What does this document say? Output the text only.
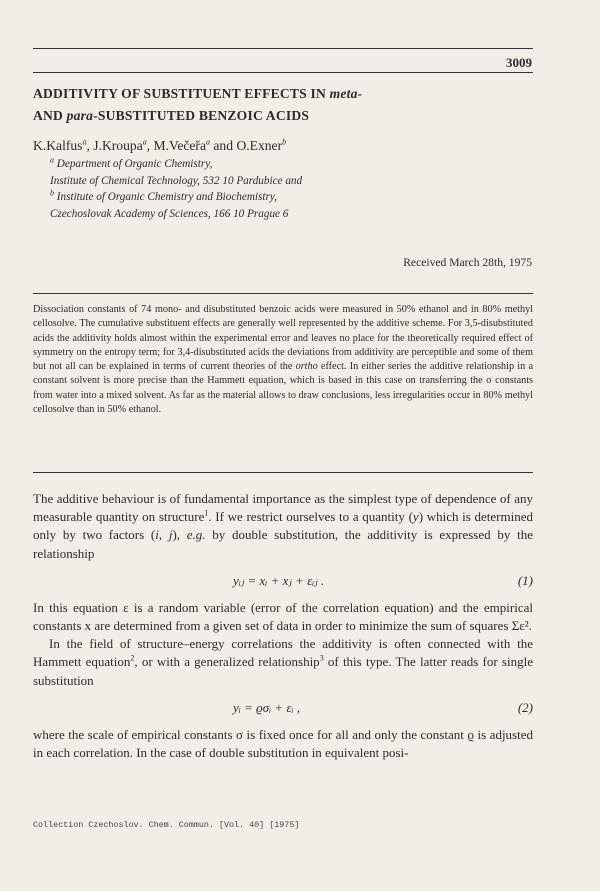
3009
ADDITIVITY OF SUBSTITUENT EFFECTS IN meta-
AND para-SUBSTITUTED BENZOIC ACIDS
K.Kalfus$^a$, J.Kroupa$^a$, M.Večeřa$^a$ and O.Exner$^b$
$^a$ Department of Organic Chemistry,
Institute of Chemical Technology, 532 10 Pardubice and
$^b$ Institute of Organic Chemistry and Biochemistry,
Czechoslovak Academy of Sciences, 166 10 Prague 6
Received March 28th, 1975

Dissociation constants of 74 mono- and disubstituted benzoic acids were measured in 50% ethanol and in 80% methyl cellosolve. The cumulative substituent effects are generally well represented by the additive scheme. For 3,5-disubstituted acids the additivity holds almost within the experimental error and leaves no place for the theoretically required effect of symmetry on the entropy term; for 3,4-disubstituted acids the deviations from additivity are perceptible and some of them but not all can be explained in terms of current theories of the ortho effect. In either series the additive relationship in a constant solvent is more precise than the Hammett equation, which is based in this case on transferring the σ constants from water into a mixed solvent. As far as the material allows to draw conclusions, less irregularities occur in 80% methyl cellosolve than in 50% ethanol.

The additive behaviour is of fundamental importance as the simplest type of dependence of any measurable quantity on structure$^1$. If we restrict ourselves to a quantity (y) which is determined only by two factors (i, j), e.g. by double substitution, the additivity is expressed by the relationship

yᵢⱼ = xᵢ + xⱼ + εᵢⱼ .	(1)

In this equation ε is a random variable (error of the correlation equation) and the empirical constants x are determined from a given set of data in order to minimize the sum of squares Σε².

In the field of structure–energy correlations the additivity is often connected with the Hammett equation$^2$, or with a generalized relationship$^3$ of this type. The latter reads for single substitution

yᵢ = ϱσᵢ + εᵢ ,	(2)

where the scale of empirical constants σ is fixed once for all and only the constant ϱ is adjusted in each correlation. In the case of double substitution in equivalent posi-

Collection Czechoslov. Chem. Commun. [Vol. 40] [1975]
